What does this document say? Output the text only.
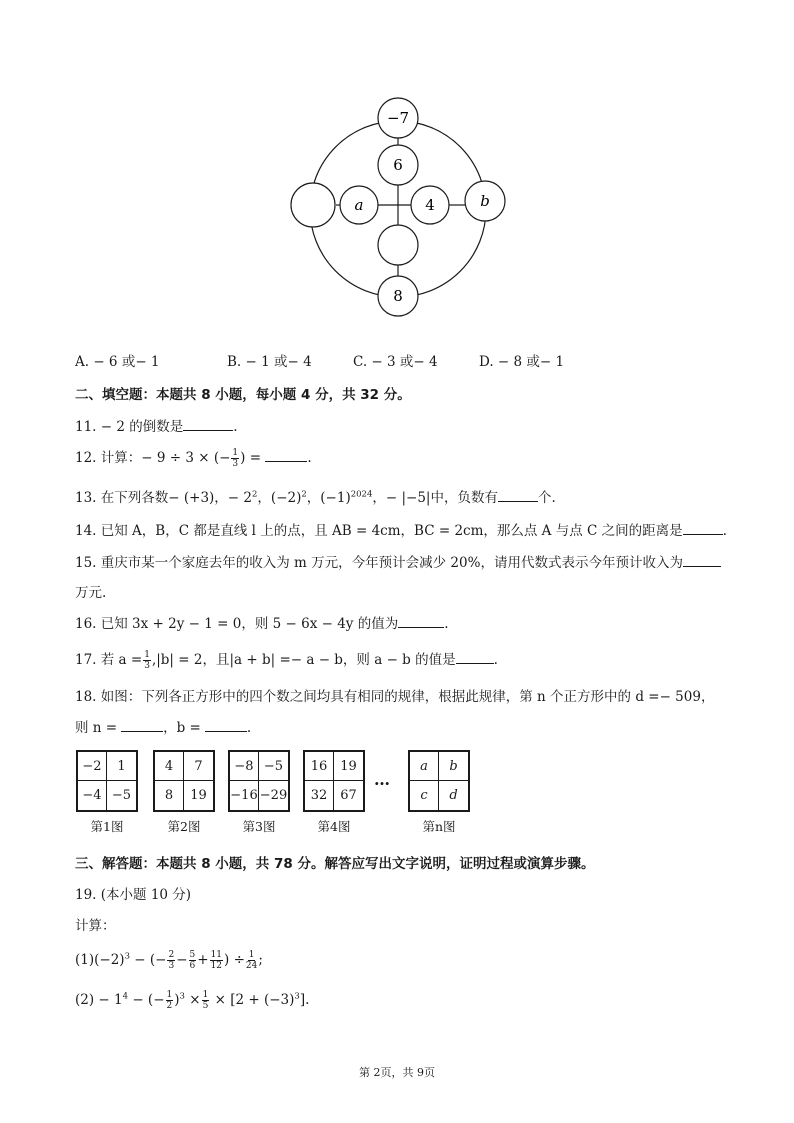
−7
6
a	4	b
8
A. − 6 或− 1	B. − 1 或− 4	C. − 3 或− 4	D. − 8 或− 1
二、填空题：本题共 8 小题，每小题 4 分，共 32 分。
11. − 2 的倒数是	.
12. 计算：− 9 ÷ 3 × (− $\frac{1}{3}$ ) =	.
13. 在下列各数− (+3)，− $2^2$，$(-2)^2$，$(-1)^{2024}$，− |−5|中，负数有	个.
14. 已知 A，B，C 都是直线 l 上的点，且 AB = 4cm，BC = 2cm，那么点 A 与点 C 之间的距离是	.
15. 重庆市某一个家庭去年的收入为 m 万元，今年预计会减少 20%，请用代数式表示今年预计收入为
万元.
16. 已知 3x + 2y − 1 = 0，则 5 − 6x − 4y 的值为	.
17. 若 $a = \frac{1}{3} ,|b| = 2$，且|a + b| =− a − b，则 a − b 的值是	.
18. 如图：下列各正方形中的四个数之间均具有相同的规律，根据此规律，第 n 个正方形中的 d =− 509，
则 n =	，b =	.
−2	1
−4 −5
第1图
4	7
8	19
第2图
−8 −5
−16 −29
第3图
16 19
32 67
第4图
…
a	b
c	d
第n图
三、解答题：本题共 8 小题，共 78 分。解答应写出文字说明，证明过程或演算步骤。
19. (本小题 10 分)
计算：
$(1)(-2)^3$ − (− $\frac{2}{3} - \frac{5}{6} + \frac{11}{12}$ ) ÷ $\frac{1}{24}$ ;
$(2) - 1^4$ − (− $\frac{1}{2} )^3 \times \frac{1}{5} \times [2 + (-3)^3]$.
第 2页，共 9页
